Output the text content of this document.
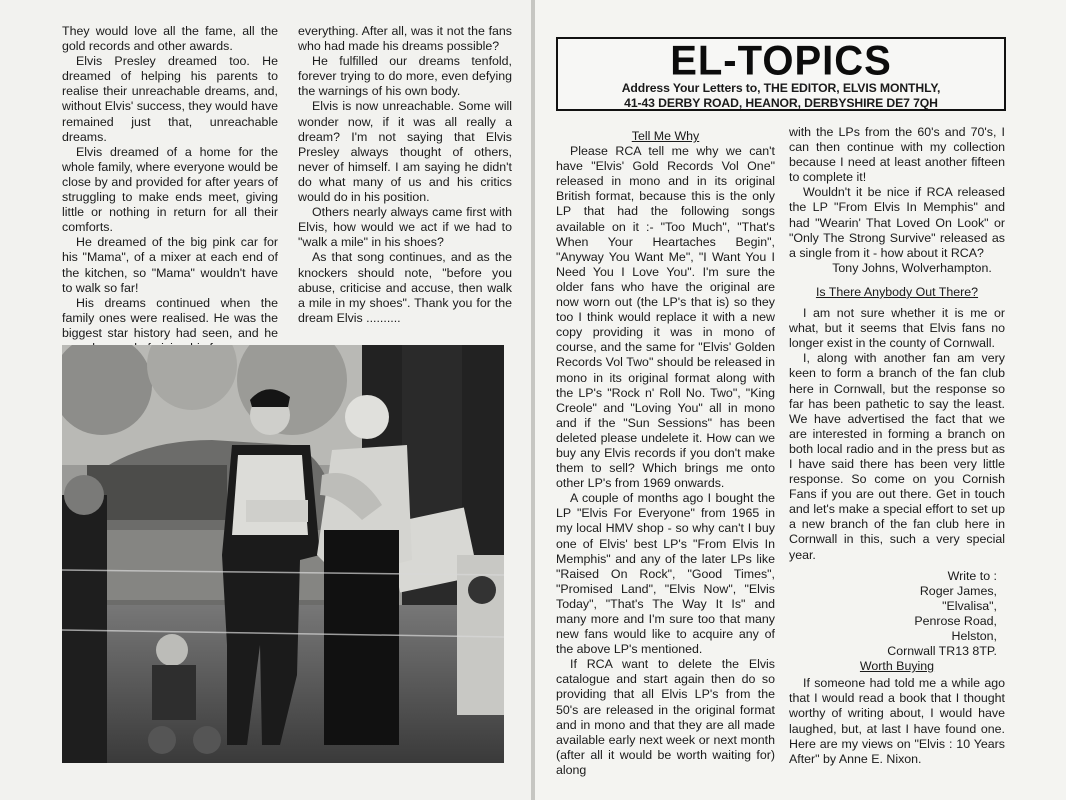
They would love all the fame, all the gold records and other awards.

Elvis Presley dreamed too. He dreamed of helping his parents to realise their unreachable dreams, and, without Elvis' success, they would have remained just that, unreachable dreams.

Elvis dreamed of a home for the whole family, where everyone would be close by and provided for after years of struggling to make ends meet, giving little or nothing in return for all their comforts.

He dreamed of the big pink car for his "Mama", of a mixer at each end of the kitchen, so "Mama" wouldn't have to walk so far!

His dreams continued when the family ones were realised. He was the biggest star history had seen, and he

everything. After all, was it not the fans who had made his dreams possible?

He fulfilled our dreams tenfold, forever trying to do more, even defying the warnings of his own body.

Elvis is now unreachable. Some will wonder now, if it was all really a dream? I'm not saying that Elvis Presley always thought of others, never of himself. I am saying he didn't do what many of us and his critics would do in his position.

Others nearly always came first with Elvis, how would we act if we had to "walk a mile" in his shoes?

As that song continues, and as the knockers should note, "before you abuse, criticise and accuse, then walk a mile in my shoes". Thank you for the dream Elvis ..........

EL-TOPICS
Address Your Letters to, THE EDITOR, ELVIS MONTHLY,
41-43 DERBY ROAD, HEANOR, DERBYSHIRE DE7 7QH

Tell Me Why

Please RCA tell me why we can't have "Elvis' Gold Records Vol One" released in mono and in its original British format, because this is the only LP that had the following songs available on it :- "Too Much", "That's When Your Heartaches Begin", "Anyway You Want Me", "I Want You I Need You I Love You". I'm sure the older fans who have the original are now worn out (the LP's that is) so they too I think would replace it with a new copy providing it was in mono of course, and the same for "Elvis' Golden Records Vol Two" should be released in mono in its original format along with the LP's "Rock n' Roll No. Two", "King Creole" and "Loving You" all in mono and if the "Sun Sessions" has been deleted please undelete it. How can we buy any Elvis records if you don't make them to sell? Which brings me onto other LP's from 1969 onwards.

A couple of months ago I bought the LP "Elvis For Everyone" from 1965 in my local HMV shop - so why can't I buy one of Elvis' best LP's "From Elvis In Memphis" and any of the later LPs like "Raised On Rock", "Good Times", "Promised Land", "Elvis Now", "Elvis Today", "That's The Way It Is" and many more and I'm sure too that many new fans would like to acquire any of the above LP's mentioned.

If RCA want to delete the Elvis catalogue and start again then do so providing that all Elvis LP's from the 50's are released in the original format and in mono and that they are all made available early next week or next month (after all it would be worth waiting for) along

with the LPs from the 60's and 70's, I can then continue with my collection because I need at least another fifteen to complete it!

Wouldn't it be nice if RCA released the LP "From Elvis In Memphis" and had "Wearin' That Loved On Look" or "Only The Strong Survive" released as a single from it - how about it RCA?

Tony Johns, Wolverhampton.

Is There Anybody Out There?

I am not sure whether it is me or what, but it seems that Elvis fans no longer exist in the county of Cornwall.

I, along with another fan am very keen to form a branch of the fan club here in Cornwall, but the response so far has been pathetic to say the least. We have advertised the fact that we are interested in forming a branch on both local radio and in the press but as I have said there has been very little response. So come on you Cornish Fans if you are out there. Get in touch and let's make a special effort to set up a new branch of the fan club here in Cornwall in this, such a very special year.

Write to :

Roger James,

"Elvalisa",

Penrose Road,

Helston,

Cornwall TR13 8TP.

Worth Buying

If someone had told me a while ago that I would read a book that I thought worthy of writing about, I would have laughed, but, at last I have found one. Here are my views on "Elvis : 10 Years After" by Anne E. Nixon.
